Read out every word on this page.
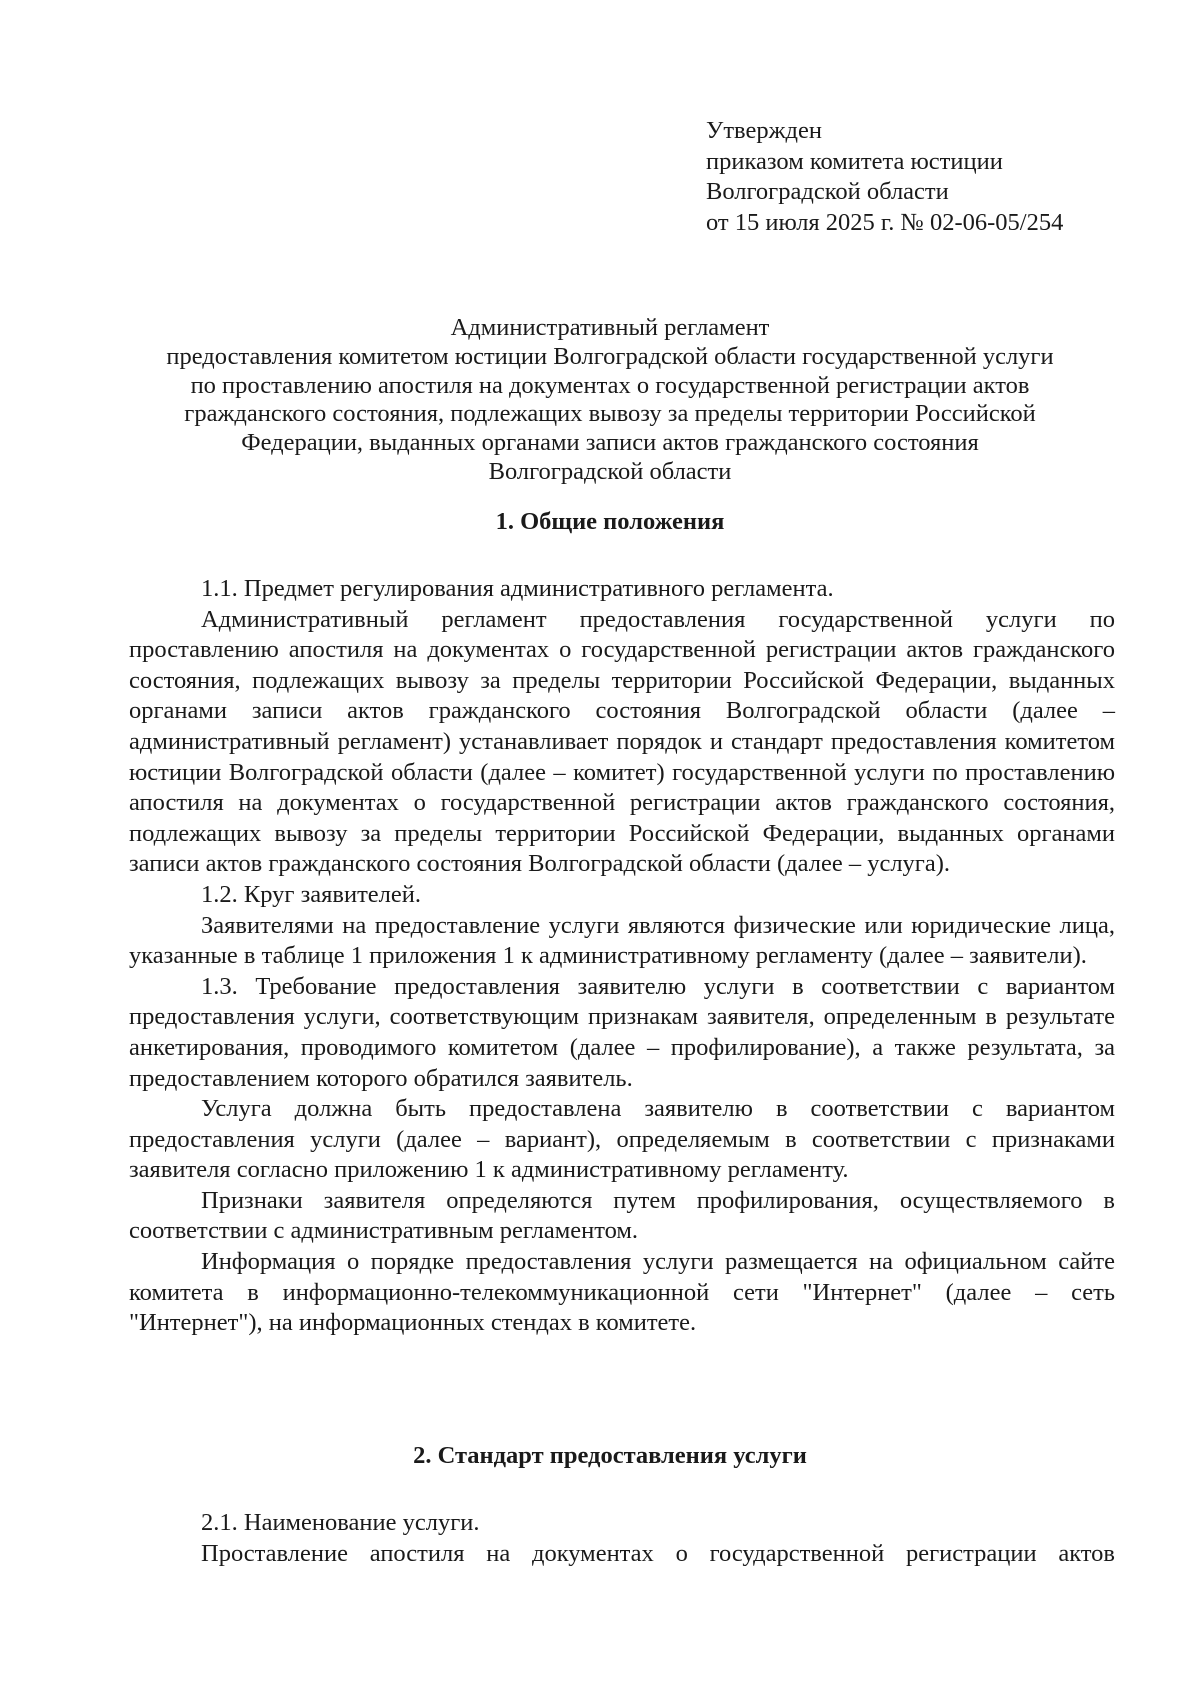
Утвержден
приказом комитета юстиции
Волгоградской области
от 15 июля 2025 г. № 02-06-05/254
Административный регламент
предоставления комитетом юстиции Волгоградской области государственной услуги
по проставлению апостиля на документах о государственной регистрации актов
гражданского состояния, подлежащих вывозу за пределы территории Российской
Федерации, выданных органами записи актов гражданского состояния
Волгоградской области
1. Общие положения

1.1. Предмет регулирования административного регламента.

Административный регламент предоставления государственной услуги по проставлению апостиля на документах о государственной регистрации актов гражданского состояния, подлежащих вывозу за пределы территории Российской Федерации, выданных органами записи актов гражданского состояния Волгоградской области (далее – административный регламент) устанавливает порядок и стандарт предоставления комитетом юстиции Волгоградской области (далее – комитет) государственной услуги по проставлению апостиля на документах о государственной регистрации актов гражданского состояния, подлежащих вывозу за пределы территории Российской Федерации, выданных органами записи актов гражданского состояния Волгоградской области (далее – услуга).

1.2. Круг заявителей.

Заявителями на предоставление услуги являются физические или юридические лица, указанные в таблице 1 приложения 1 к административному регламенту (далее – заявители).

1.3. Требование предоставления заявителю услуги в соответствии с вариантом предоставления услуги, соответствующим признакам заявителя, определенным в результате анкетирования, проводимого комитетом (далее – профилирование), а также результата, за предоставлением которого обратился заявитель.

Услуга должна быть предоставлена заявителю в соответствии с вариантом предоставления услуги (далее – вариант), определяемым в соответствии с признаками заявителя согласно приложению 1 к административному регламенту.

Признаки заявителя определяются путем профилирования, осуществляемого в соответствии с административным регламентом.

Информация о порядке предоставления услуги размещается на официальном сайте комитета в информационно-телекоммуникационной сети "Интернет" (далее – сеть "Интернет"), на информационных стендах в комитете.

2. Стандарт предоставления услуги

2.1. Наименование услуги.

Проставление апостиля на документах о государственной регистрации актов
